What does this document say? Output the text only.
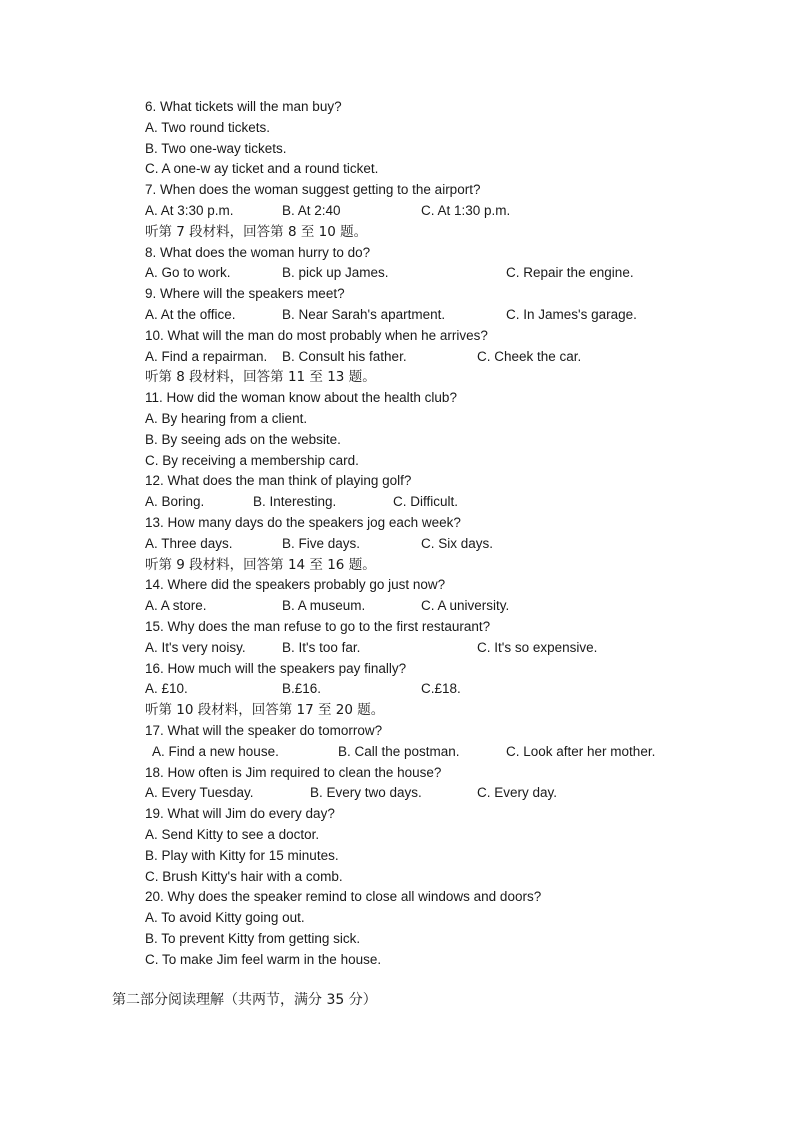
6. What tickets will the man buy?
A. Two round tickets.
B. Two one-way tickets.
C. A one-w ay ticket and a round ticket.
7. When does the woman suggest getting to the airport?
A. At 3:30 p.m.	B. At 2:40	C. At 1:30 p.m.
听第 7 段材料，回答第 8 至 10 题。
8. What does the woman hurry to do?
A. Go to work.	B. pick up James.	C. Repair the engine.
9. Where will the speakers meet?
A. At the office.	B. Near Sarah's apartment.	C. In James's garage.
10. What will the man do most probably when he arrives?
A. Find a repairman. B. Consult his father.	C. Cheek the car.
听第 8 段材料，回答第 11 至 13 题。
11. How did the woman know about the health club?
A. By hearing from a client.
B. By seeing ads on the website.
C. By receiving a membership card.
12. What does the man think of playing golf?
A. Boring.	B. Interesting.	C. Difficult.
13. How many days do the speakers jog each week?
A. Three days.	B. Five days.	C. Six days.
听第 9 段材料，回答第 14 至 16 题。
14. Where did the speakers probably go just now?
A. A store.	B. A museum.	C. A university.
15. Why does the man refuse to go to the first restaurant?
A. It's very noisy.	B. It's too far.	C. It's so expensive.
16. How much will the speakers pay finally?
A. £10.	B.£16.	C.£18.
听第 10 段材料，回答第 17 至 20 题。
17. What will the speaker do tomorrow?
A. Find a new house.	B. Call the postman.	C. Look after her mother.
18. How often is Jim required to clean the house?
A. Every Tuesday.	B. Every two days.	C. Every day.
19. What will Jim do every day?
A. Send Kitty to see a doctor.
B. Play with Kitty for 15 minutes.
C. Brush Kitty's hair with a comb.
20. Why does the speaker remind to close all windows and doors?
A. To avoid Kitty going out.
B. To prevent Kitty from getting sick.
C. To make Jim feel warm in the house.
第二部分阅读理解（共两节，满分 35 分）
